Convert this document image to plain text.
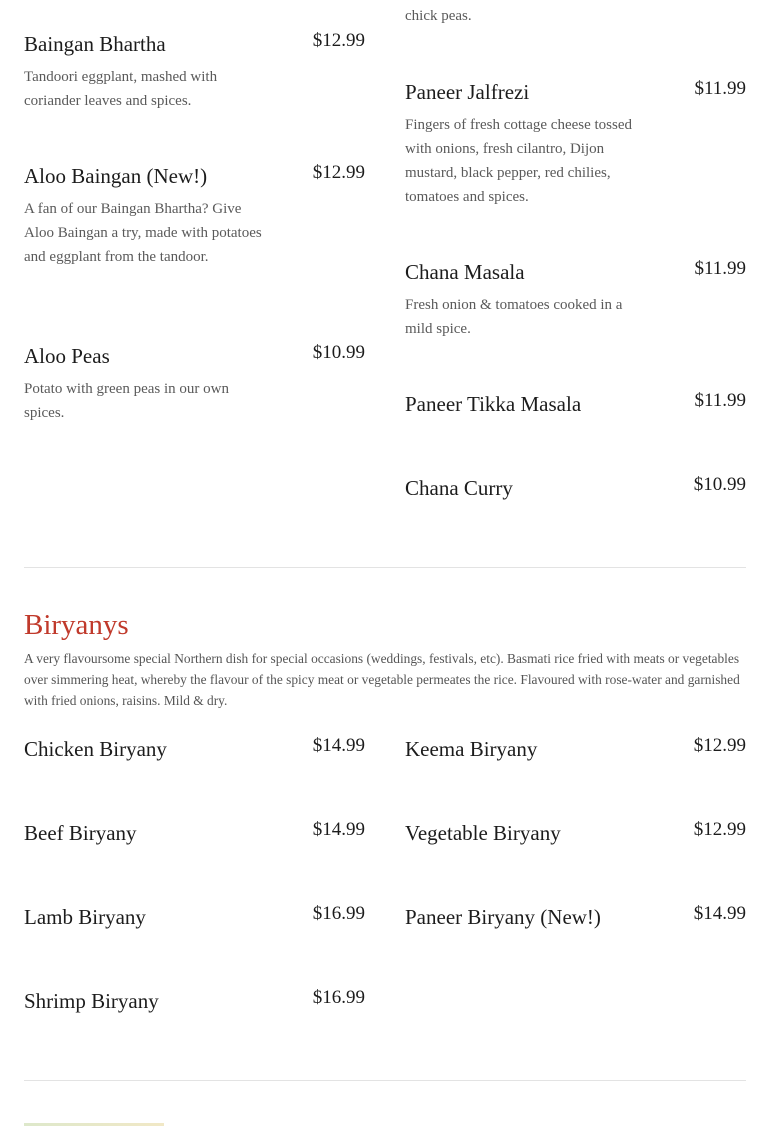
chick peas.
Baingan Bhartha	$12.99
Tandoori eggplant, mashed with coriander leaves and spices.
Aloo Baingan (New!)	$12.99
A fan of our Baingan Bhartha? Give Aloo Baingan a try, made with potatoes and eggplant from the tandoor.
Aloo Peas	$10.99
Potato with green peas in our own spices.
Paneer Jalfrezi	$11.99
Fingers of fresh cottage cheese tossed with onions, fresh cilantro, Dijon mustard, black pepper, red chilies, tomatoes and spices.
Chana Masala	$11.99
Fresh onion & tomatoes cooked in a mild spice.
Paneer Tikka Masala	$11.99
Chana Curry	$10.99
Biryanys
A very flavoursome special Northern dish for special occasions (weddings, festivals, etc). Basmati rice fried with meats or vegetables over simmering heat, whereby the flavour of the spicy meat or vegetable permeates the rice. Flavoured with rose-water and garnished with fried onions, raisins. Mild & dry.
Chicken Biryany	$14.99
Beef Biryany	$14.99
Lamb Biryany	$16.99
Shrimp Biryany	$16.99
Keema Biryany	$12.99
Vegetable Biryany	$12.99
Paneer Biryany (New!)	$14.99
